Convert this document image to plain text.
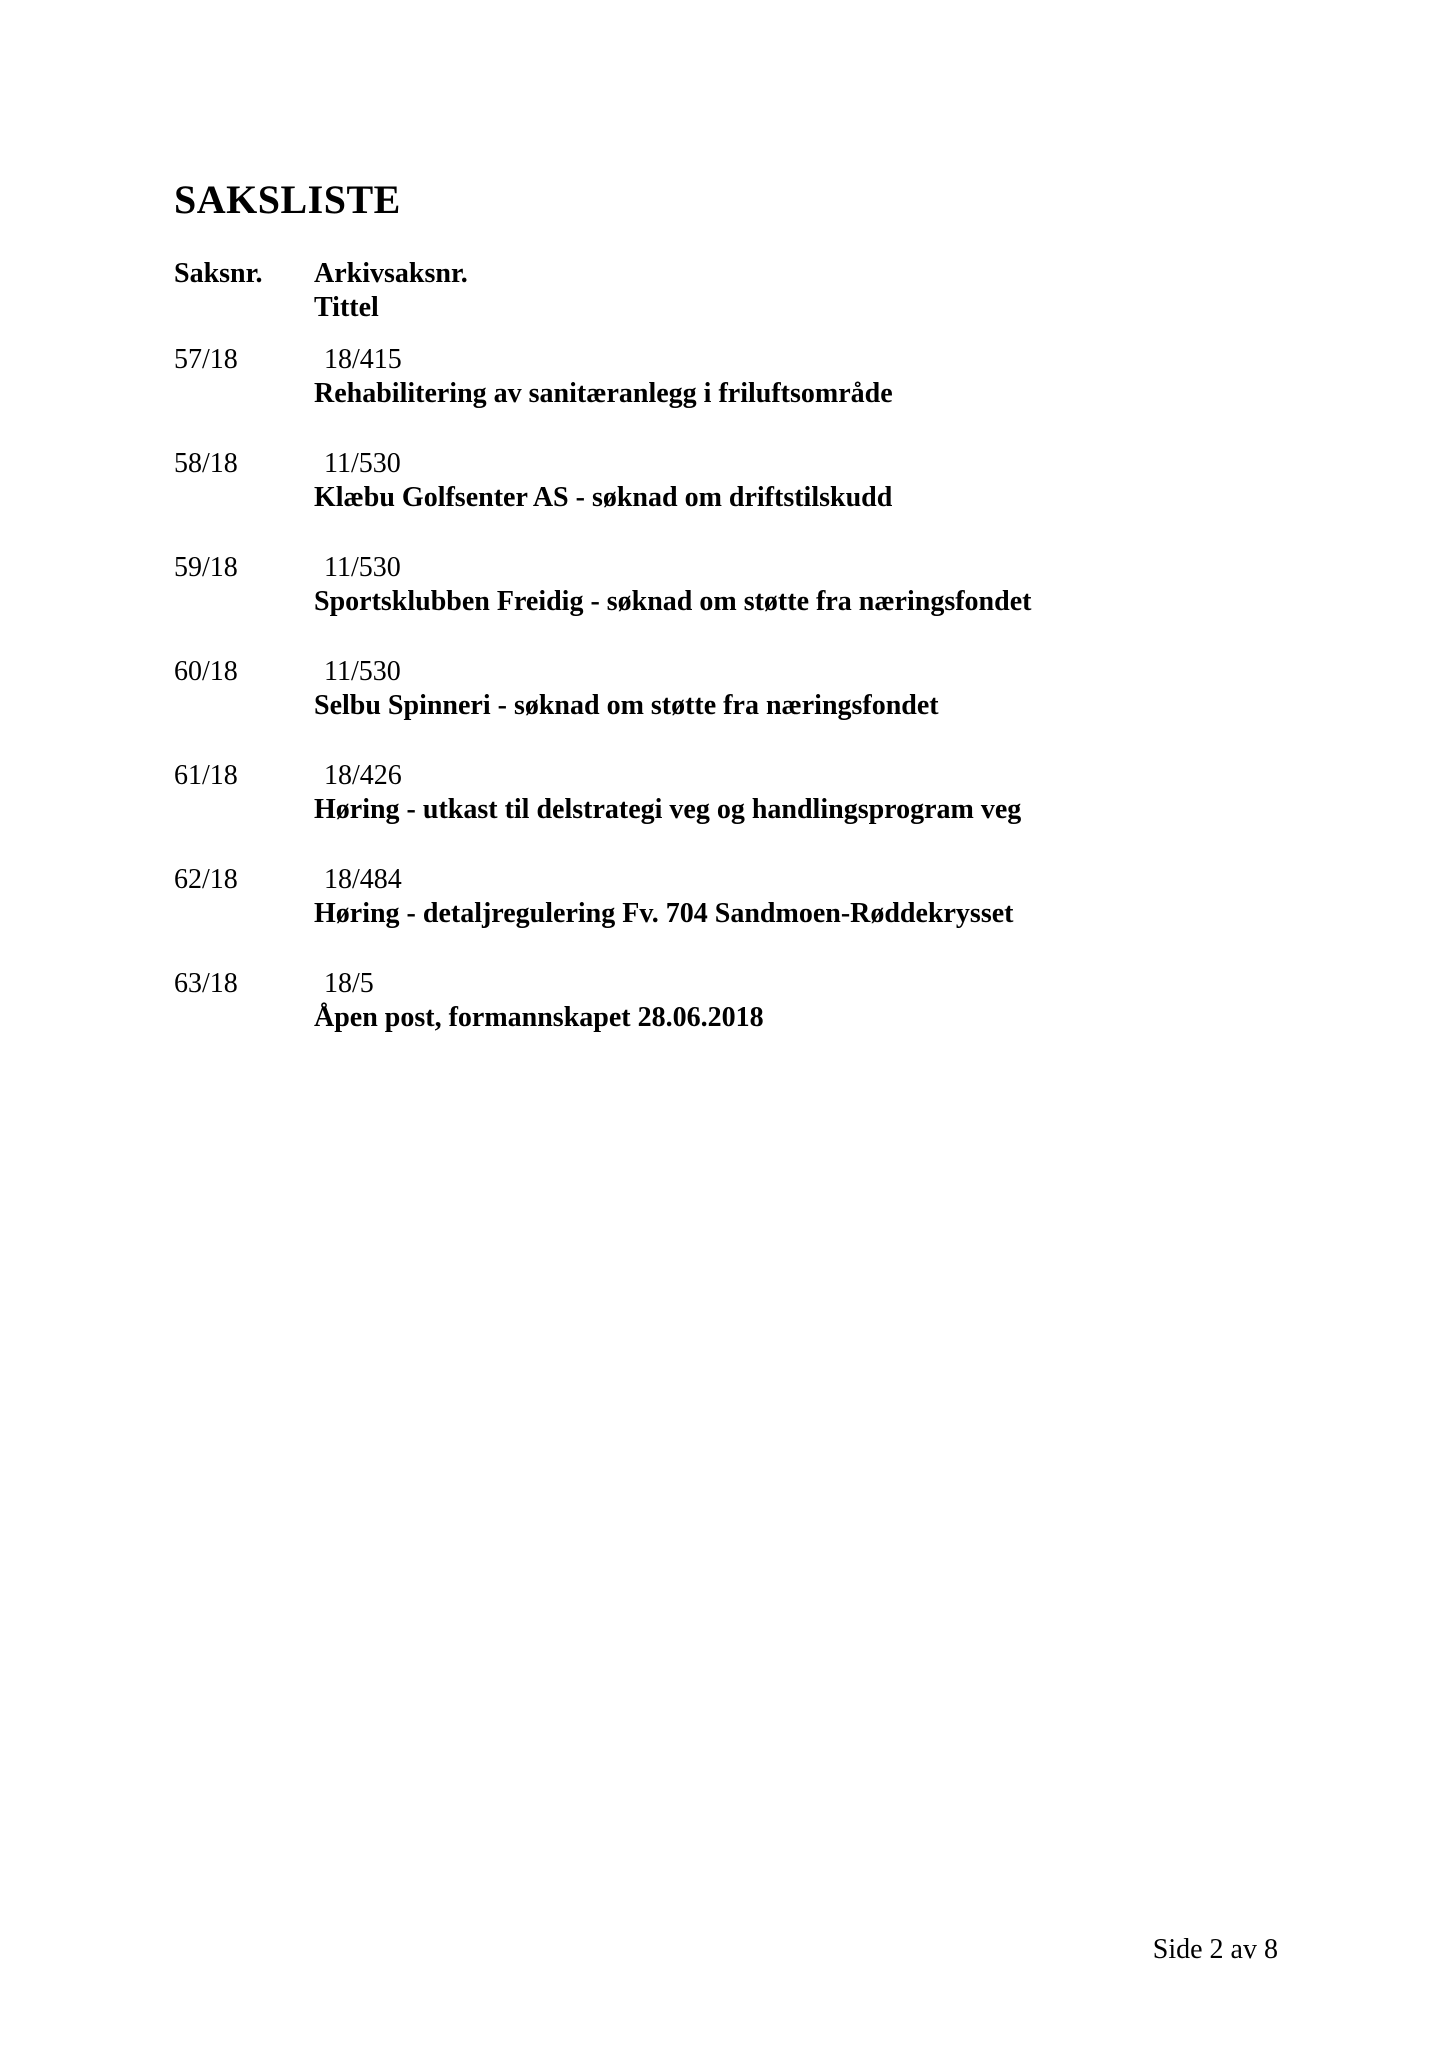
SAKSLISTE
Saksnr. Arkivsaksnr.
Tittel
57/18	18/415
Rehabilitering av sanitæranlegg i friluftsområde
58/18	11/530
Klæbu Golfsenter AS - søknad om driftstilskudd
59/18	11/530
Sportsklubben Freidig - søknad om støtte fra næringsfondet
60/18	11/530
Selbu Spinneri - søknad om støtte fra næringsfondet
61/18	18/426
Høring - utkast til delstrategi veg og handlingsprogram veg
62/18	18/484
Høring - detaljregulering Fv. 704 Sandmoen-Røddekrysset
63/18	18/5
Åpen post, formannskapet 28.06.2018
Side 2 av 8
